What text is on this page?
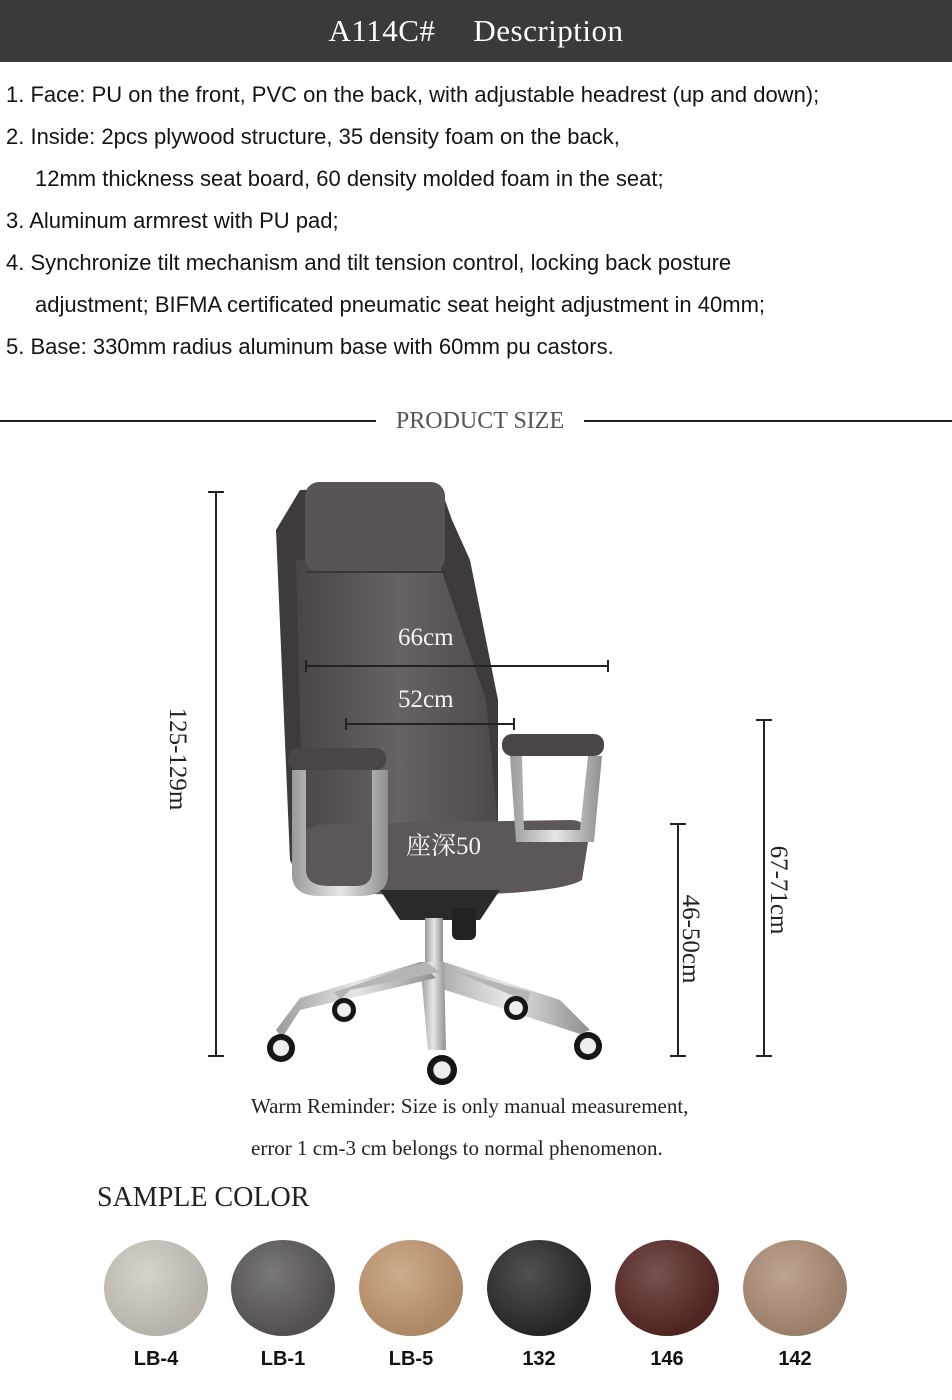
A114C# Description
1. Face: PU on the front, PVC on the back, with adjustable headrest (up and down);
2. Inside: 2pcs plywood structure, 35 density foam on the back,
12mm thickness seat board, 60 density molded foam in the seat;
3. Aluminum armrest with PU pad;
4. Synchronize tilt mechanism and tilt tension control, locking back posture
adjustment; BIFMA certificated pneumatic seat height adjustment in 40mm;
5. Base: 330mm radius aluminum base with 60mm pu castors.
PRODUCT SIZE
66cm
52cm
座深50
125-129m
46-50cm
67-71cm
Warm Reminder: Size is only manual measurement,
error 1 cm-3 cm belongs to normal phenomenon.
SAMPLE COLOR
LB-4	LB-1	LB-5	132	146	142
